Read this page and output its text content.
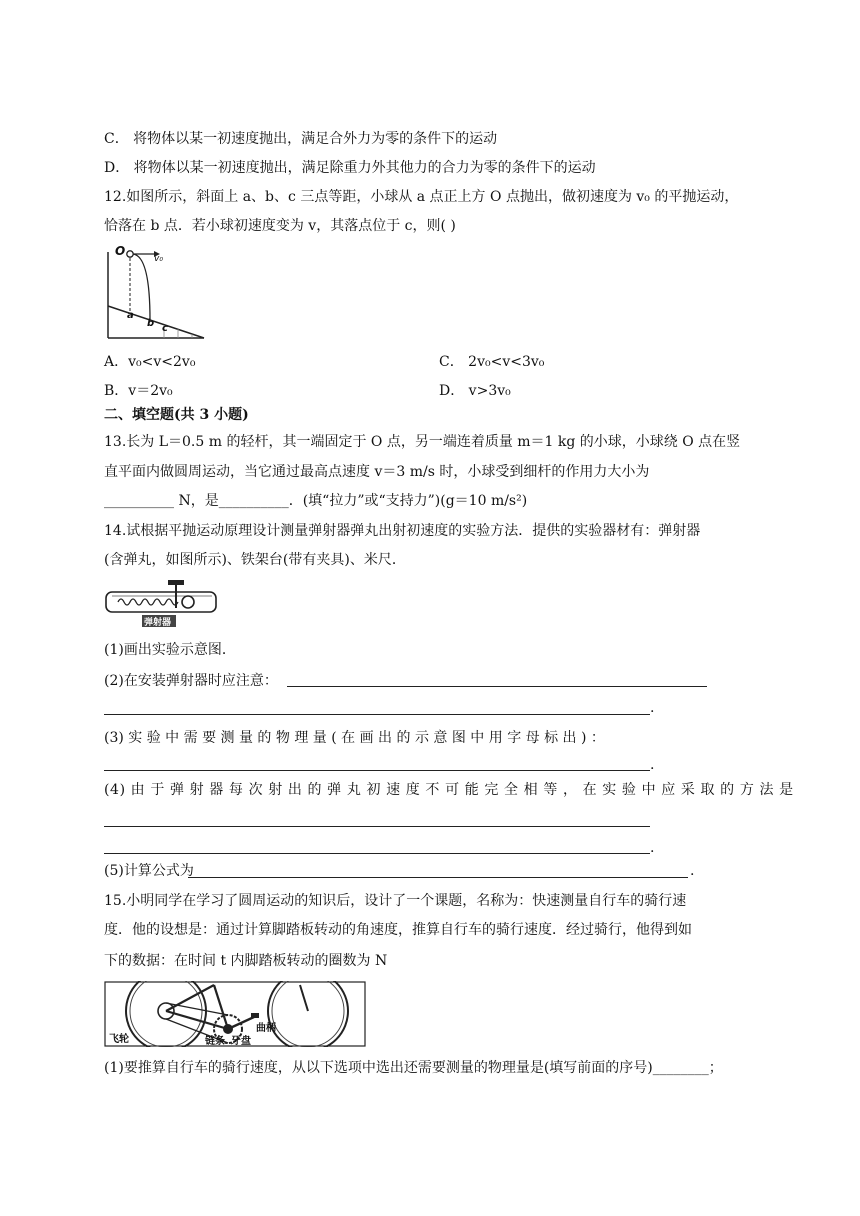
C． 将物体以某一初速度抛出，满足合外力为零的条件下的运动
D． 将物体以某一初速度抛出，满足除重力外其他力的合力为零的条件下的运动
12.如图所示，斜面上 a、b、c 三点等距，小球从 a 点正上方 O 点抛出，做初速度为 v₀ 的平抛运动，
恰落在 b 点．若小球初速度变为 v，其落点位于 c，则( )
O
v₀
a
b c
A．v₀<v<2v₀	C． 2v₀<v<3v₀
B．v＝2v₀	D． v>3v₀
二、填空题(共 3 小题)
13.长为 L＝0.5 m 的轻杆，其一端固定于 O 点，另一端连着质量 m＝1 kg 的小球，小球绕 O 点在竖
直平面内做圆周运动，当它通过最高点速度 v＝3 m/s 时，小球受到细杆的作用力大小为
__________ N，是__________．(填“拉力”或“支持力”)(g＝10 m/s²)
14.试根据平抛运动原理设计测量弹射器弹丸出射初速度的实验方法．提供的实验器材有：弹射器
(含弹丸，如图所示)、铁架台(带有夹具)、米尺．
弹射器
(1)画出实验示意图．
(2)在安装弹射器时应注意：
.
(3) 实 验 中 需 要 测 量 的 物 理 量 ( 在 画 出 的 示 意 图 中 用 字 母 标 出 ) ：
.
(4) 由 于 弹 射 器 每 次 射 出 的 弹 丸 初 速 度 不 可 能 完 全 相 等 ， 在 实 验 中 应 采 取 的 方 法 是
.
(5)计算公式为	.
15.小明同学在学习了圆周运动的知识后，设计了一个课题，名称为：快速测量自行车的骑行速
度．他的设想是：通过计算脚踏板转动的角速度，推算自行车的骑行速度．经过骑行，他得到如
下的数据：在时间 t 内脚踏板转动的圈数为 N
飞轮	链条 牙盘
曲柄
(1)要推算自行车的骑行速度，从以下选项中选出还需要测量的物理量是(填写前面的序号)________；
